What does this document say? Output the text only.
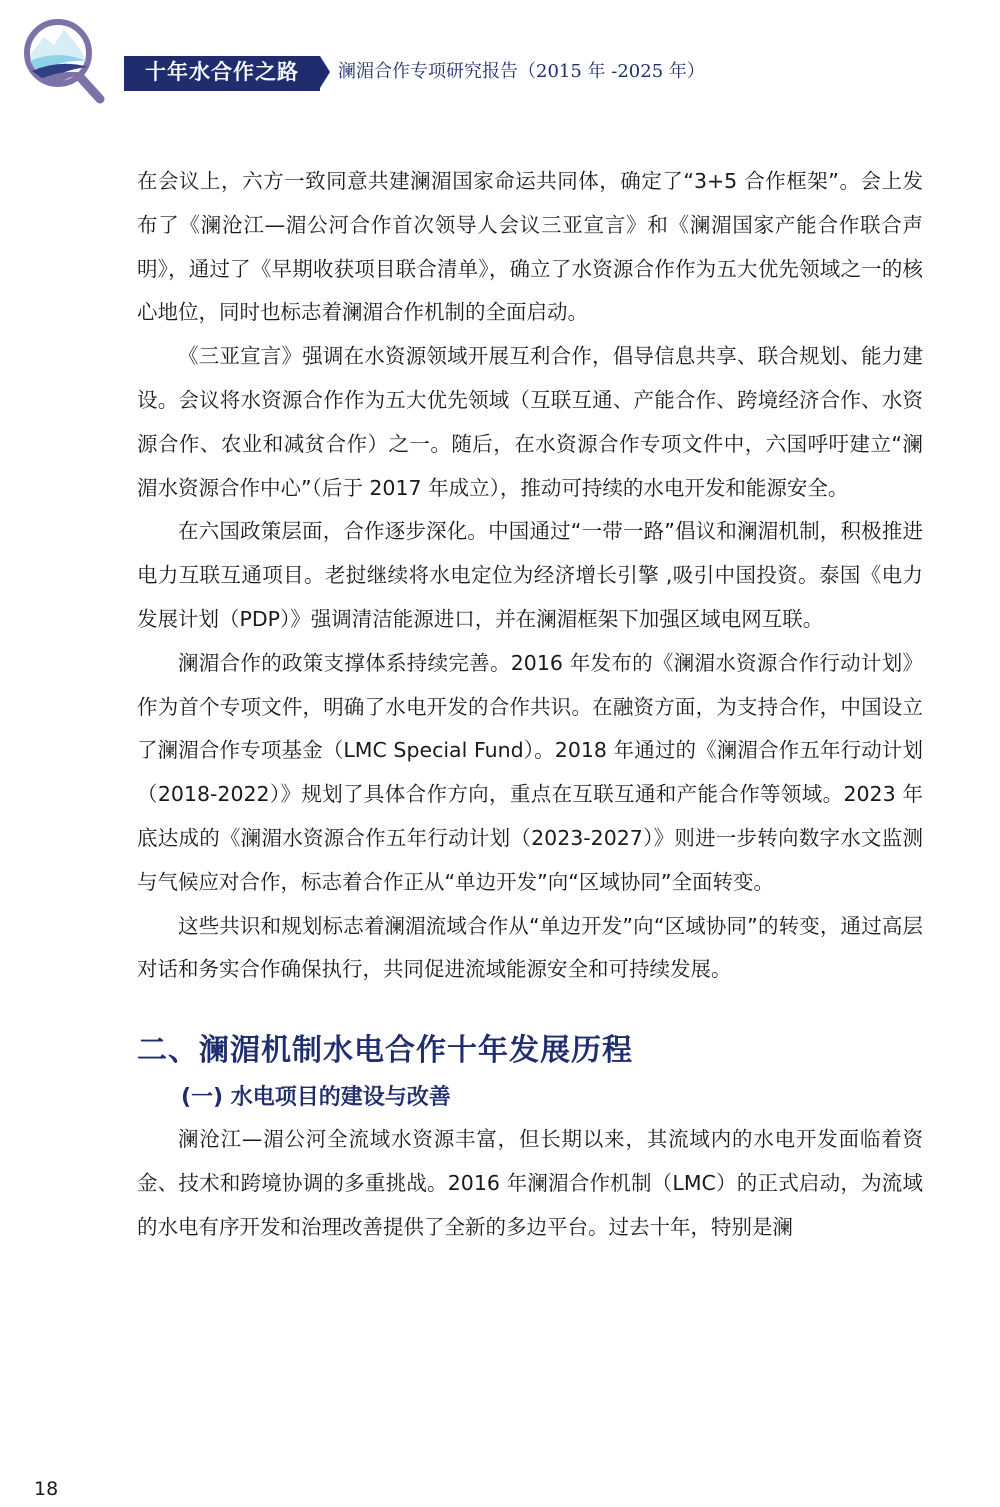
十年水合作之路	澜湄合作专项研究报告（2015 年 -2025 年）

在会议上，六方一致同意共建澜湄国家命运共同体，确定了“3+5 合作框架”。会上发布了《澜沧江—湄公河合作首次领导人会议三亚宣言》和《澜湄国家产能合作联合声明》，通过了《早期收获项目联合清单》，确立了水资源合作作为五大优先领域之一的核心地位，同时也标志着澜湄合作机制的全面启动。

《三亚宣言》强调在水资源领域开展互利合作，倡导信息共享、联合规划、能力建设。会议将水资源合作作为五大优先领域（互联互通、产能合作、跨境经济合作、水资源合作、农业和减贫合作）之一。随后，在水资源合作专项文件中，六国呼吁建立“澜湄水资源合作中心”（后于 2017 年成立），推动可持续的水电开发和能源安全。

在六国政策层面，合作逐步深化。中国通过“一带一路”倡议和澜湄机制，积极推进电力互联互通项目。老挝继续将水电定位为经济增长引擎 ,吸引中国投资。泰国《电力发展计划（PDP）》强调清洁能源进口，并在澜湄框架下加强区域电网互联。

澜湄合作的政策支撑体系持续完善。2016 年发布的《澜湄水资源合作行动计划》作为首个专项文件，明确了水电开发的合作共识。在融资方面，为支持合作，中国设立了澜湄合作专项基金（LMC Special Fund）。2018 年通过的《澜湄合作五年行动计划（2018-2022）》规划了具体合作方向，重点在互联互通和产能合作等领域。2023 年底达成的《澜湄水资源合作五年行动计划（2023-2027）》则进一步转向数字水文监测与气候应对合作，标志着合作正从“单边开发”向“区域协同”全面转变。

这些共识和规划标志着澜湄流域合作从“单边开发”向“区域协同”的转变，通过高层对话和务实合作确保执行，共同促进流域能源安全和可持续发展。

二、澜湄机制水电合作十年发展历程
(一) 水电项目的建设与改善

澜沧江—湄公河全流域水资源丰富，但长期以来，其流域内的水电开发面临着资金、技术和跨境协调的多重挑战。2016 年澜湄合作机制（LMC）的正式启动，为流域的水电有序开发和治理改善提供了全新的多边平台。过去十年，特别是澜

18
